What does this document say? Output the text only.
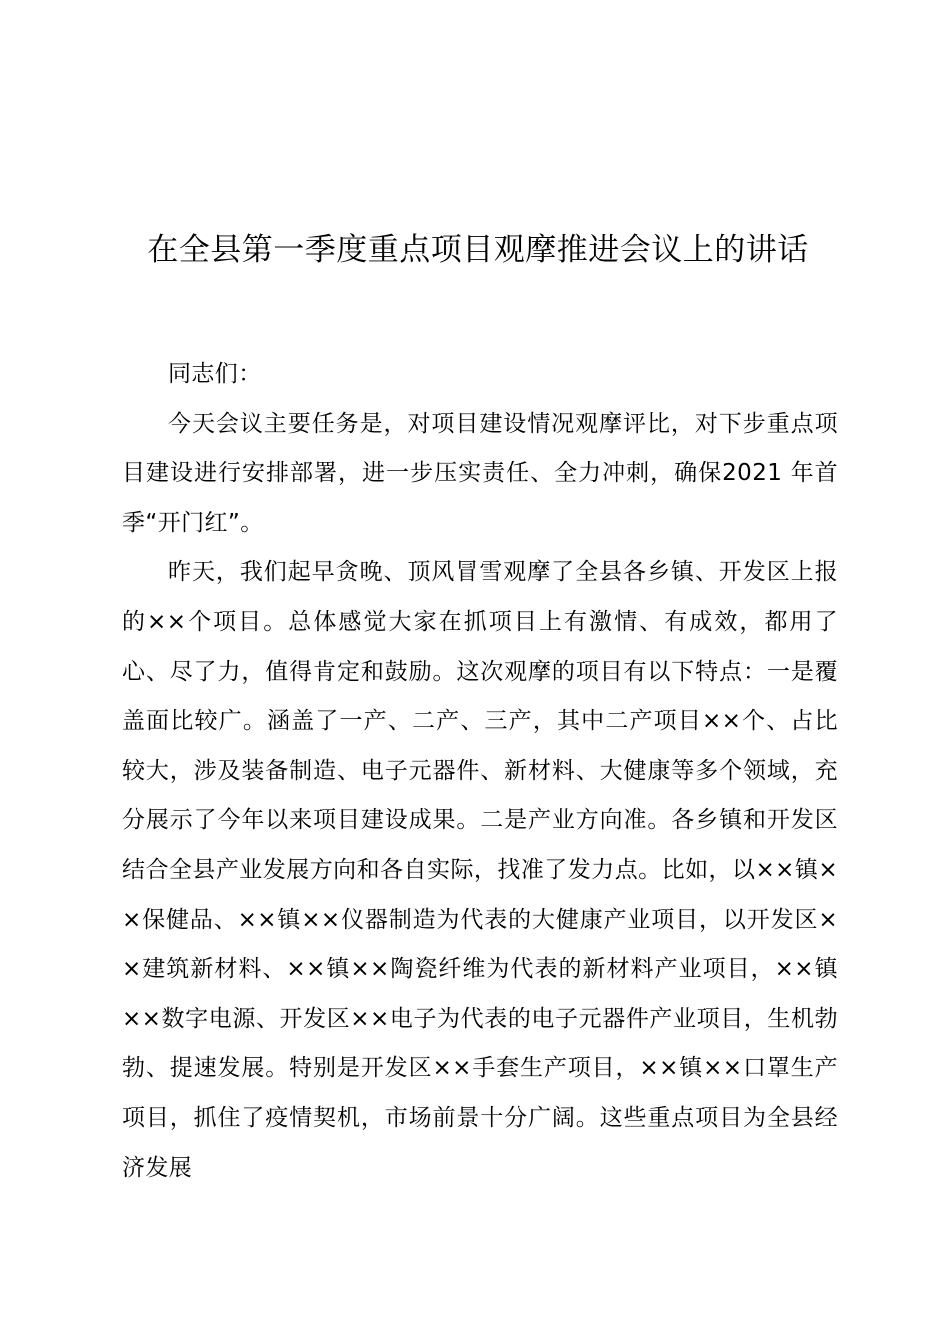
在全县第一季度重点项目观摩推进会议上的讲话

同志们：

今天会议主要任务是，对项目建设情况观摩评比，对下步重点项目建设进行安排部署，进一步压实责任、全力冲刺，确保2021 年首季“开门红”。

昨天，我们起早贪晚、顶风冒雪观摩了全县各乡镇、开发区上报的××个项目。总体感觉大家在抓项目上有激情、有成效，都用了心、尽了力，值得肯定和鼓励。这次观摩的项目有以下特点：一是覆盖面比较广。涵盖了一产、二产、三产，其中二产项目××个、占比较大，涉及装备制造、电子元器件、新材料、大健康等多个领域，充分展示了今年以来项目建设成果。二是产业方向准。各乡镇和开发区结合全县产业发展方向和各自实际，找准了发力点。比如，以××镇××保健品、××镇××仪器制造为代表的大健康产业项目，以开发区××建筑新材料、××镇××陶瓷纤维为代表的新材料产业项目，××镇××数字电源、开发区××电子为代表的电子元器件产业项目，生机勃勃、提速发展。特别是开发区××手套生产项目，××镇××口罩生产项目，抓住了疫情契机，市场前景十分广阔。这些重点项目为全县经济发展
